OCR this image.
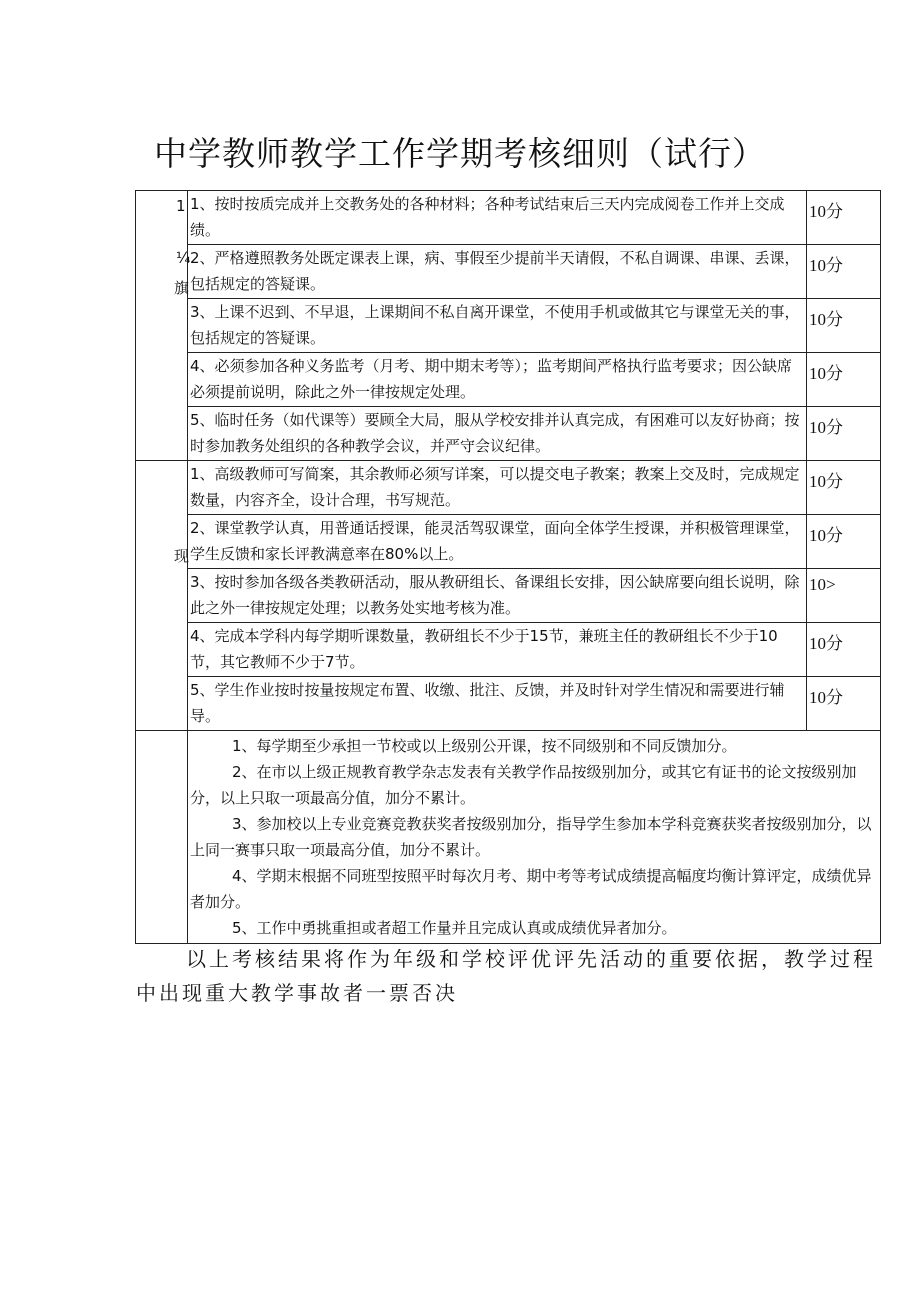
中学教师教学工作学期考核细则（试行）
1
¼
旗	1、按时按质完成并上交教务处的各种材料；各种考试结束后三天内完成阅卷工作并上交成绩。	10分
	2、严格遵照教务处既定课表上课，病、事假至少提前半天请假，不私自调课、串课、丢课，包括规定的答疑课。	10分
	3、上课不迟到、不早退，上课期间不私自离开课堂，不使用手机或做其它与课堂无关的事，包括规定的答疑课。	10分
	4、必须参加各种义务监考（月考、期中期末考等）；监考期间严格执行监考要求；因公缺席必须提前说明，除此之外一律按规定处理。	10分
	5、临时任务（如代课等）要顾全大局，服从学校安排并认真完成，有困难可以友好协商；按时参加教务处组织的各种教学会议，并严守会议纪律。	10分

现	1、高级教师可写简案，其余教师必须写详案，可以提交电子教案；教案上交及时，完成规定数量，内容齐全，设计合理，书写规范。	10分
	2、课堂教学认真，用普通话授课，能灵活驾驭课堂，面向全体学生授课，并积极管理课堂，学生反馈和家长评教满意率在80%以上。	10分
	3、按时参加各级各类教研活动，服从教研组长、备课组长安排，因公缺席要向组长说明，除此之外一律按规定处理；以教务处实地考核为准。	10>
	4、完成本学科内每学期听课数量，教研组长不少于15节，兼班主任的教研组长不少于10节，其它教师不少于7节。	10分
	5、学生作业按时按量按规定布置、收缴、批注、反馈，并及时针对学生情况和需要进行辅导。	10分

	1、每学期至少承担一节校或以上级别公开课，按不同级别和不同反馈加分。

2、在市以上级正规教育教学杂志发表有关教学作品按级别加分，或其它有证书的论文按级别加分，以上只取一项最高分值，加分不累计。

3、参加校以上专业竞赛竞教获奖者按级别加分，指导学生参加本学科竞赛获奖者按级别加分，以上同一赛事只取一项最高分值，加分不累计。

4、学期末根据不同班型按照平时每次月考、期中考等考试成绩提高幅度均衡计算评定，成绩优异者加分。

5、工作中勇挑重担或者超工作量并且完成认真或成绩优异者加分。	

以上考核结果将作为年级和学校评优评先活动的重要依据，教学过程中出现重大教学事故者一票否决
